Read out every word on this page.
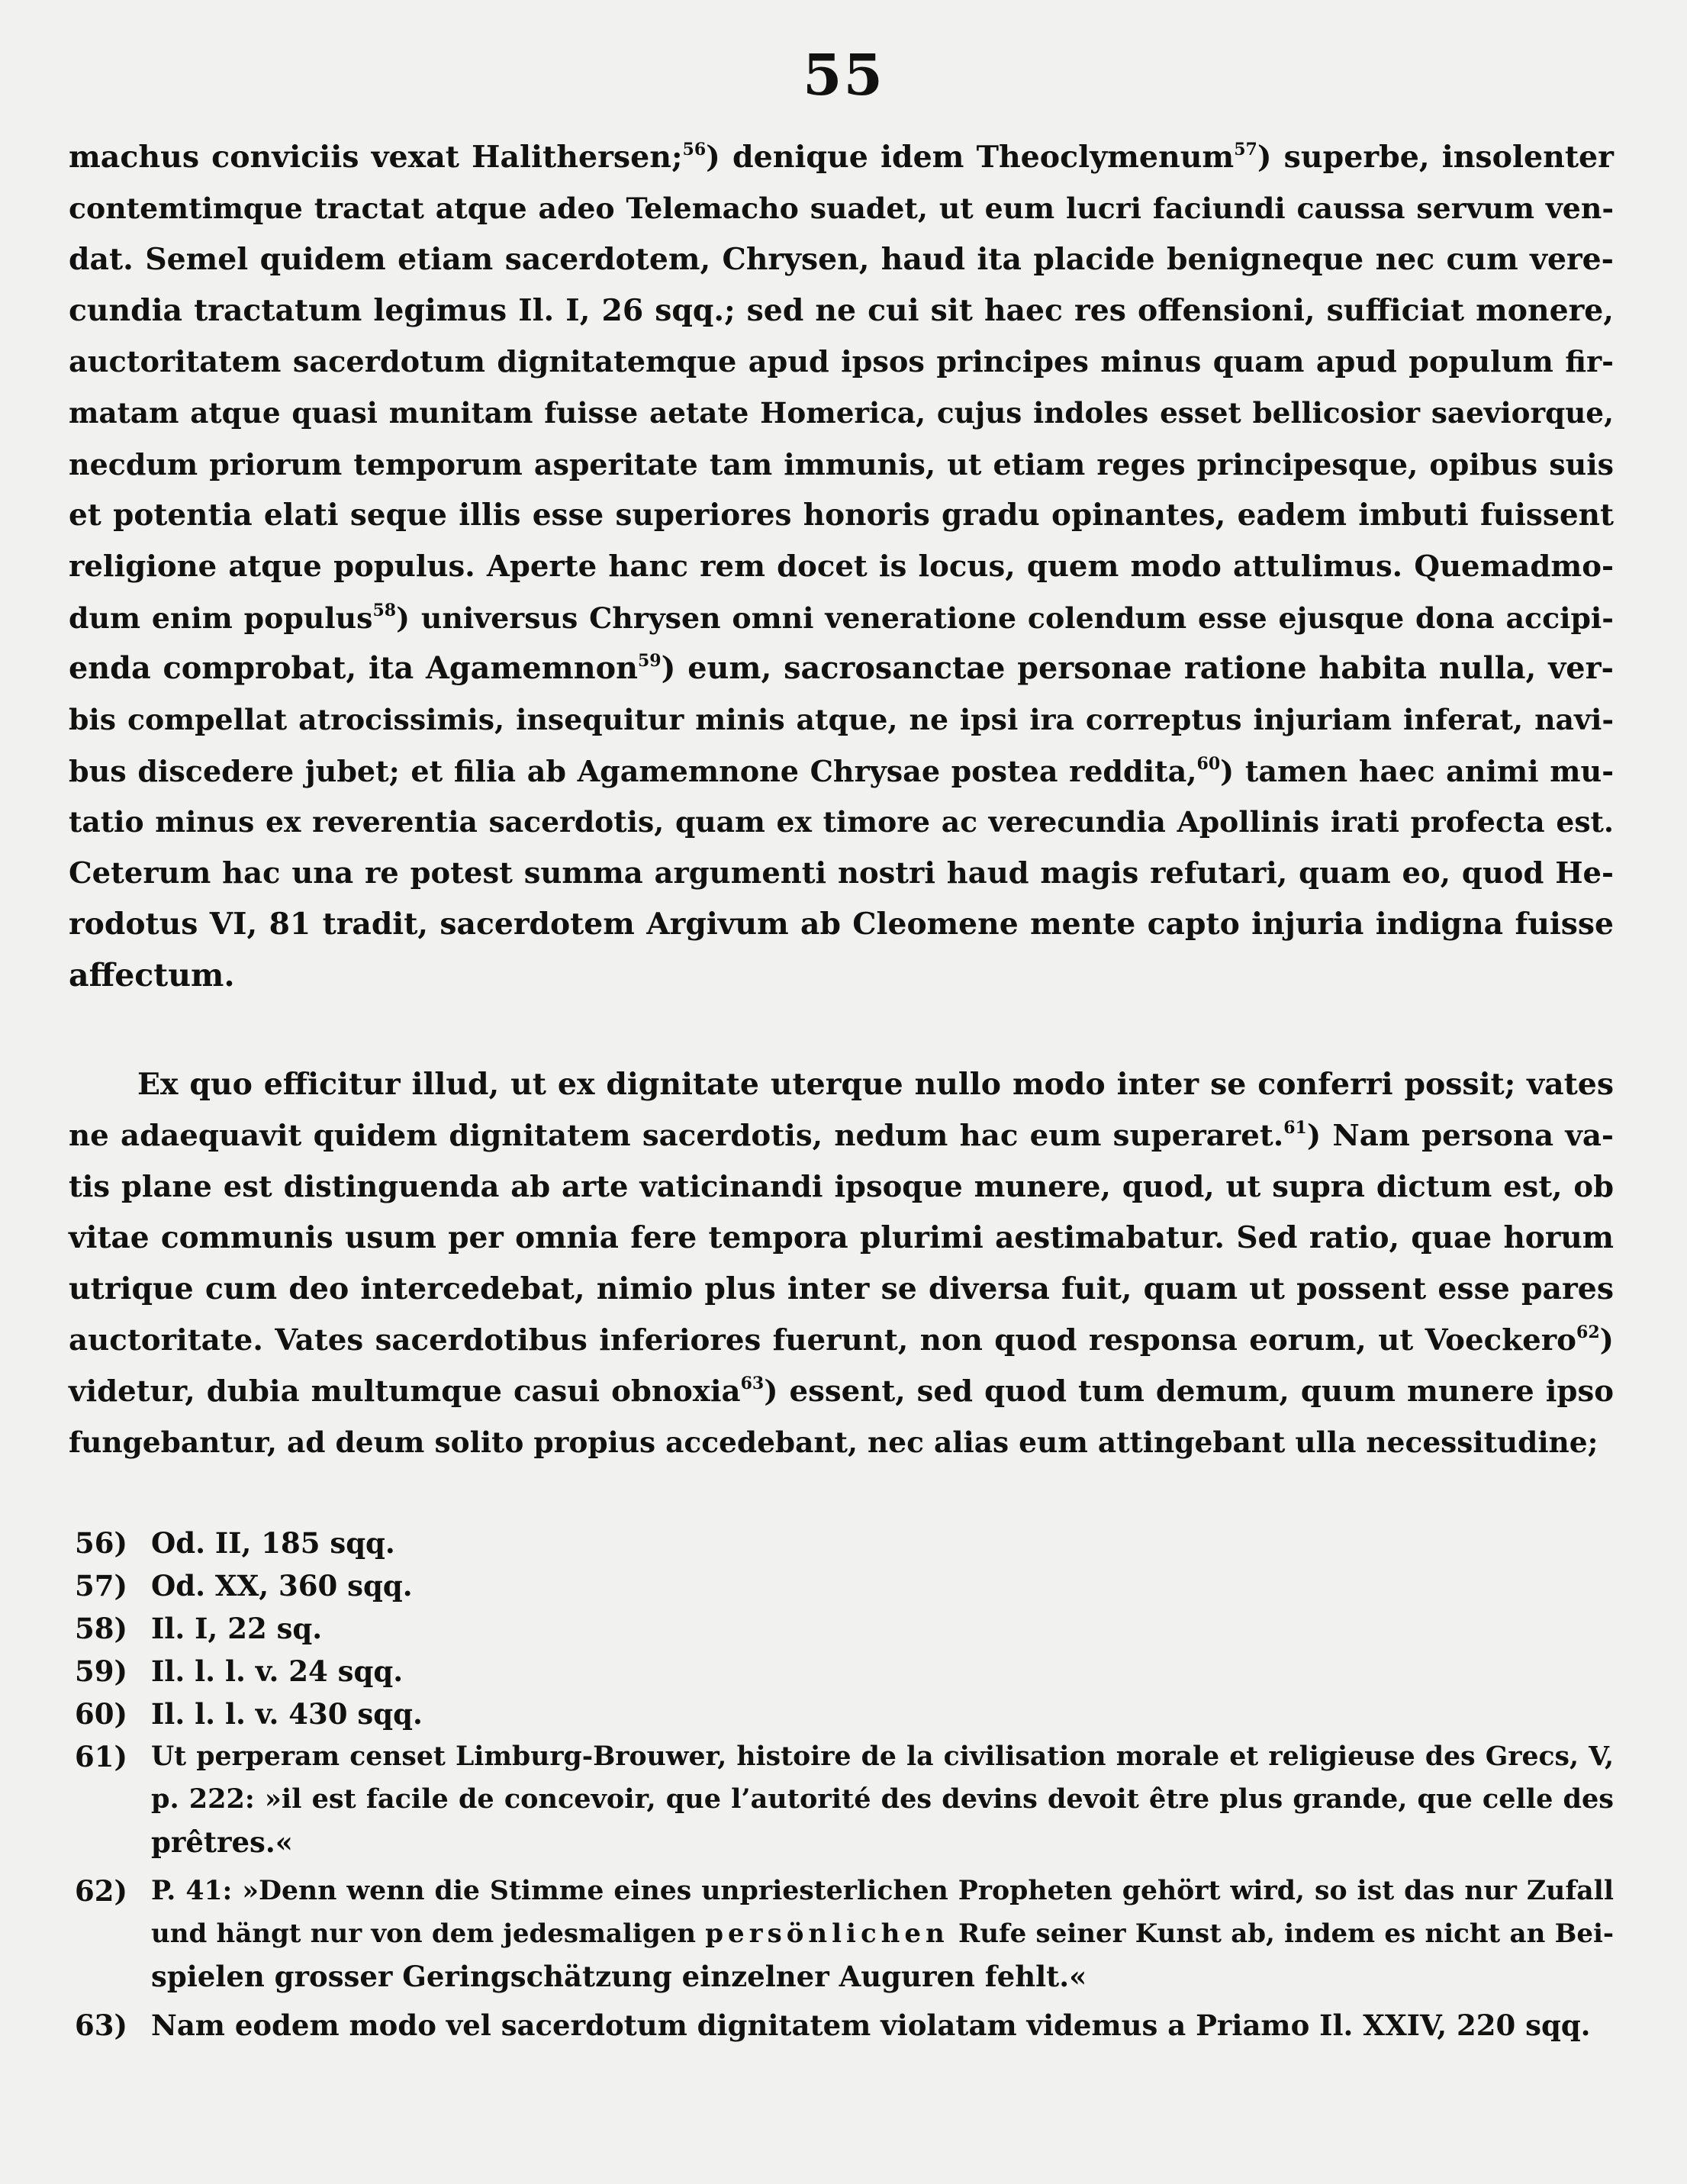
55
machus conviciis vexat Halithersen;$^{56}$) denique idem Theoclymenum$^{57}$) superbe, insolenter
contemtimque tractat atque adeo Telemacho suadet, ut eum lucri faciundi caussa servum ven-
dat. Semel quidem etiam sacerdotem, Chrysen, haud ita placide benigneque nec cum vere-
cundia tractatum legimus Il. I, 26 sqq.; sed ne cui sit haec res offensioni, sufficiat monere,
auctoritatem sacerdotum dignitatemque apud ipsos principes minus quam apud populum fir-
matam atque quasi munitam fuisse aetate Homerica, cujus indoles esset bellicosior saeviorque,
necdum priorum temporum asperitate tam immunis, ut etiam reges principesque, opibus suis
et potentia elati seque illis esse superiores honoris gradu opinantes, eadem imbuti fuissent
religione atque populus. Aperte hanc rem docet is locus, quem modo attulimus. Quemadmo-
dum enim populus$^{58}$) universus Chrysen omni veneratione colendum esse ejusque dona accipi-
enda comprobat, ita Agamemnon$^{59}$) eum, sacrosanctae personae ratione habita nulla, ver-
bis compellat atrocissimis, insequitur minis atque, ne ipsi ira correptus injuriam inferat, navi-
bus discedere jubet; et filia ab Agamemnone Chrysae postea reddita,$^{60}$) tamen haec animi mu-
tatio minus ex reverentia sacerdotis, quam ex timore ac verecundia Apollinis irati profecta est.
Ceterum hac una re potest summa argumenti nostri haud magis refutari, quam eo, quod He-
rodotus VI, 81 tradit, sacerdotem Argivum ab Cleomene mente capto injuria indigna fuisse
affectum.
Ex quo efficitur illud, ut ex dignitate uterque nullo modo inter se conferri possit; vates
ne adaequavit quidem dignitatem sacerdotis, nedum hac eum superaret.$^{61}$) Nam persona va-
tis plane est distinguenda ab arte vaticinandi ipsoque munere, quod, ut supra dictum est, ob
vitae communis usum per omnia fere tempora plurimi aestimabatur. Sed ratio, quae horum
utrique cum deo intercedebat, nimio plus inter se diversa fuit, quam ut possent esse pares
auctoritate. Vates sacerdotibus inferiores fuerunt, non quod responsa eorum, ut Voeckero$^{62}$)
videtur, dubia multumque casui obnoxia$^{63}$) essent, sed quod tum demum, quum munere ipso
fungebantur, ad deum solito propius accedebant, nec alias eum attingebant ulla necessitudine;
56) Od. II, 185 sqq.
57) Od. XX, 360 sqq.
58) Il. I, 22 sq.
59) Il. l. l. v. 24 sqq.
60) Il. l. l. v. 430 sqq.
61) Ut perperam censet Limburg-Brouwer, histoire de la civilisation morale et religieuse des Grecs, V,
p. 222: »il est facile de concevoir, que l’autorité des devins devoit être plus grande, que celle des
prêtres.«
62) P. 41: »Denn wenn die Stimme eines unpriesterlichen Propheten gehört wird, so ist das nur Zufall
und hängt nur von dem jedesmaligen persönlichen Rufe seiner Kunst ab, indem es nicht an Bei-
spielen grosser Geringschätzung einzelner Auguren fehlt.«
63) Nam eodem modo vel sacerdotum dignitatem violatam videmus a Priamo Il. XXIV, 220 sqq.
